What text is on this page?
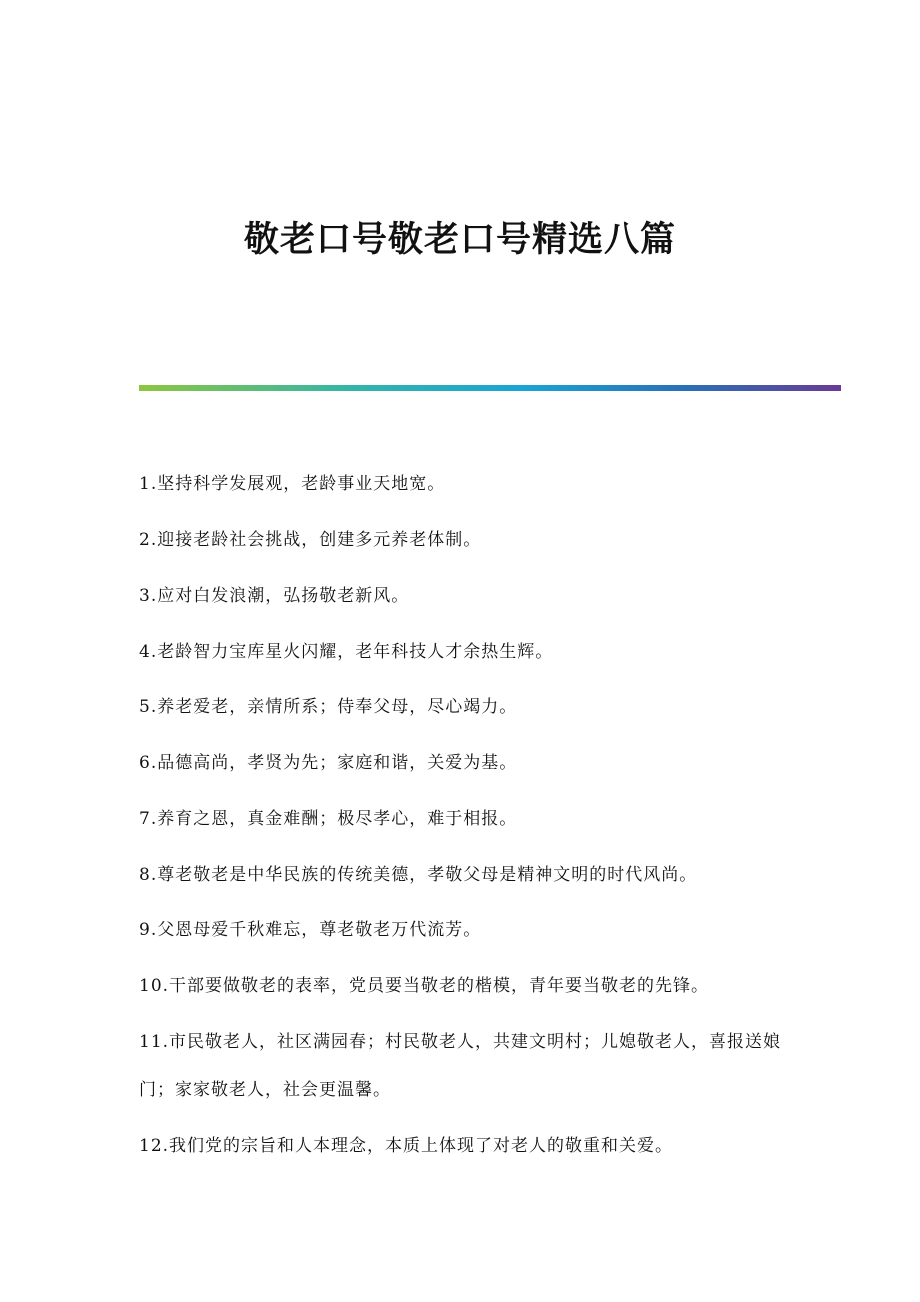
敬老口号敬老口号精选八篇
1.坚持科学发展观，老龄事业天地宽。
2.迎接老龄社会挑战，创建多元养老体制。
3.应对白发浪潮，弘扬敬老新风。
4.老龄智力宝库星火闪耀，老年科技人才余热生辉。
5.养老爱老，亲情所系；侍奉父母，尽心竭力。
6.品德高尚，孝贤为先；家庭和谐，关爱为基。
7.养育之恩，真金难酬；极尽孝心，难于相报。
8.尊老敬老是中华民族的传统美德，孝敬父母是精神文明的时代风尚。
9.父恩母爱千秋难忘，尊老敬老万代流芳。
10.干部要做敬老的表率，党员要当敬老的楷模，青年要当敬老的先锋。
11.市民敬老人，社区满园春；村民敬老人，共建文明村；儿媳敬老人，喜报送娘门；家家敬老人，社会更温馨。
12.我们党的宗旨和人本理念，本质上体现了对老人的敬重和关爱。
